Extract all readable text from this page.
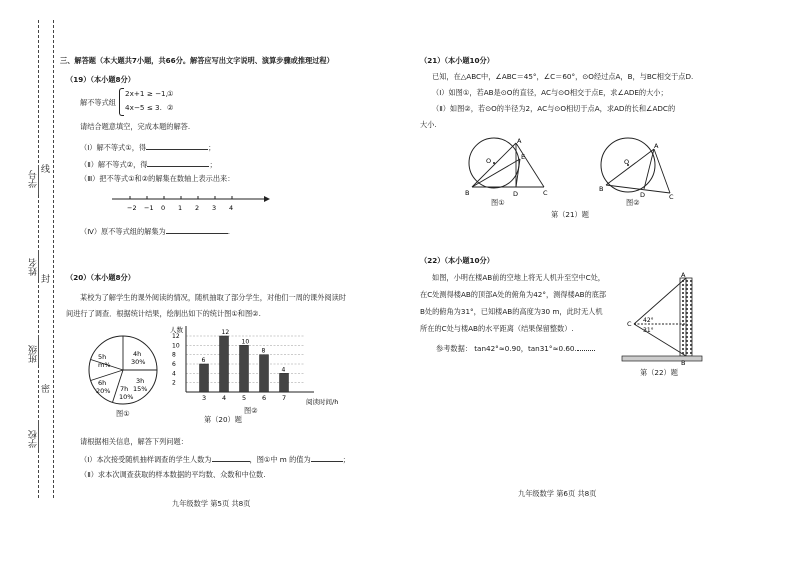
学号
姓名
班级
学校
线
封
密
三、解答题（本大题共7小题，共66分。解答应写出文字说明、演算步骤或推理过程）
（19）（本小题8分）
解不等式组
2x+1 ≥ −1,
4x−5 ≤ 3.
①
②
请结合题意填空，完成本题的解答.
（Ⅰ）解不等式①，得	；
（Ⅱ）解不等式②，得	；
（Ⅲ）把不等式①和②的解集在数轴上表示出来：
−2 −1 0 1 2 3 4
（Ⅳ）原不等式组的解集为	.
（20）（本小题8分）
某校为了解学生的课外阅读的情况，随机抽取了部分学生，对他们一周的课外阅读时
间进行了调查．根据统计结果，绘制出如下的统计图①和图②.
5h
m%
4h
30%
3h
15%
7h
10%
6h
20%
图①
人数
2
4
6
8
10
12
6
3
12
4
10
5
8
6
4
7	阅读时间/h
图②
第（20）题
请根据相关信息，解答下列问题：
（Ⅰ）本次接受随机抽样调查的学生人数为	，图①中 m 的值为	；
（Ⅱ）求本次调查获取的样本数据的平均数、众数和中位数.
九年级数学 第5页 共8页
（21）（本小题10分）
已知，在△ABC中，∠ABC＝45°，∠C＝60°，⊙O经过点A，B，与BC相交于点D.
（Ⅰ）如图①，若AB是⊙O的直径，AC与⊙O相交于点E，求∠ADE的大小；
（Ⅱ）如图②，若⊙O的半径为2，AC与⊙O相切于点A，求AD的长和∠ADC的
大小.
A
B	C
D
E
O
图①
A
B
C
D
O
图②
第（21）题
（22）（本小题10分）
如图，小明在楼AB前的空地上将无人机升至空中C处，
在C处测得楼AB的顶部A处的俯角为42°，测得楼AB的底部
B处的俯角为31°，已知楼AB的高度为30 m，此时无人机
所在的C处与楼AB的水平距离（结果保留整数）.
参考数据： tan42°≈0.90，tan31°≈0.60.
A
B
C 42°
31°
第（22）题
九年级数学 第6页 共8页
